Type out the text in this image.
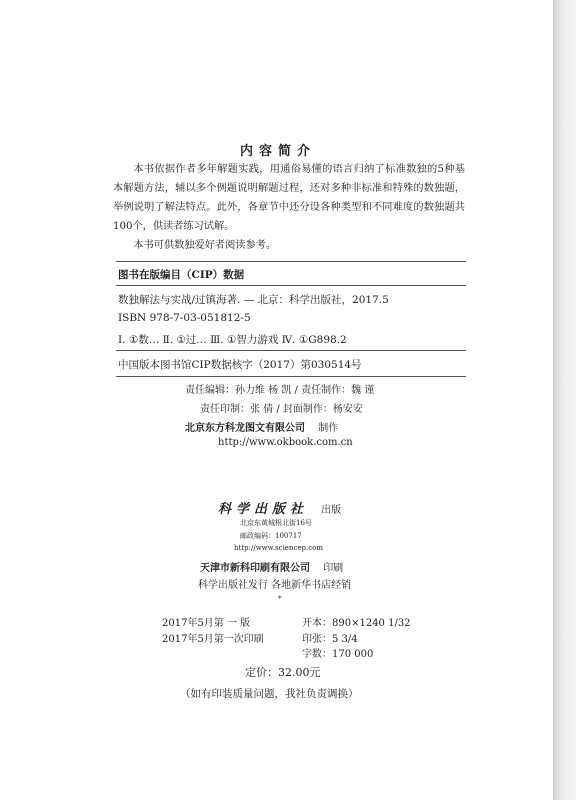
内容简介

本书依据作者多年解题实践，用通俗易懂的语言归纳了标准数独的5种基本解题方法，辅以多个例题说明解题过程，还对多种非标准和特殊的数独题，举例说明了解法特点。此外，各章节中还分设各种类型和不同难度的数独题共100个，供读者练习试解。

本书可供数独爱好者阅读参考。

图书在版编目（CIP）数据
数独解法与实战/过镇海著. — 北京：科学出版社，2017.5
ISBN 978-7-03-051812-5
Ⅰ. ①数… Ⅱ. ①过… Ⅲ. ①智力游戏 Ⅳ. ①G898.2
中国版本图书馆CIP数据核字（2017）第030514号
责任编辑：孙力维 杨 凯 / 责任制作：魏 谨
责任印制：张 倩 / 封面制作：杨安安
北京东方科龙图文有限公司 制作
http://www.okbook.com.cn
科学出版社 出版
北京东黄城根北街16号
邮政编码：100717
http://www.sciencep.com
天津市新科印刷有限公司 印刷
科学出版社发行 各地新华书店经销
*
2017年5月第 一 版	开本：890×1240 1/32
2017年5月第一次印刷	印张：5 3/4
字数：170 000
定价：32.00元
（如有印装质量问题，我社负责调换）
